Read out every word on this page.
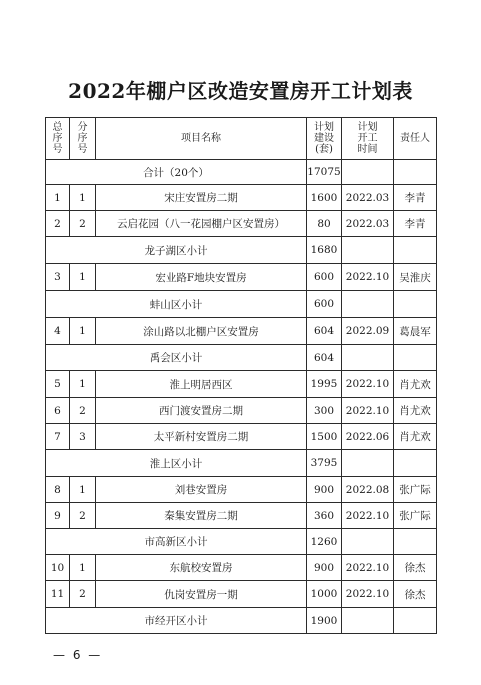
2022年棚户区改造安置房开工计划表
总
序
号	分
序
号	项目名称	计划
建设
(套)	计划
开工
时间	责任人
合计（20个）			17075		
1	1	宋庄安置房二期	1600	2022.03	李青
2	2	云启花园（八一花园棚户区安置房）	80	2022.03	李青
龙子湖区小计			1680		
3	1	宏业路F地块安置房	600	2022.10	吴淮庆
蚌山区小计			600		
4	1	涂山路以北棚户区安置房	604	2022.09	葛晨军
禹会区小计			604		
5	1	淮上明居西区	1995	2022.10	肖尤欢
6	2	西门渡安置房二期	300	2022.10	肖尤欢
7	3	太平新村安置房二期	1500	2022.06	肖尤欢
淮上区小计			3795		
8	1	刘巷安置房	900	2022.08	张广际
9	2	秦集安置房二期	360	2022.10	张广际
市高新区小计			1260		
10	1	东航校安置房	900	2022.10	徐杰
11	2	仇岗安置房一期	1000	2022.10	徐杰
市经开区小计			1900		
— 6 —
